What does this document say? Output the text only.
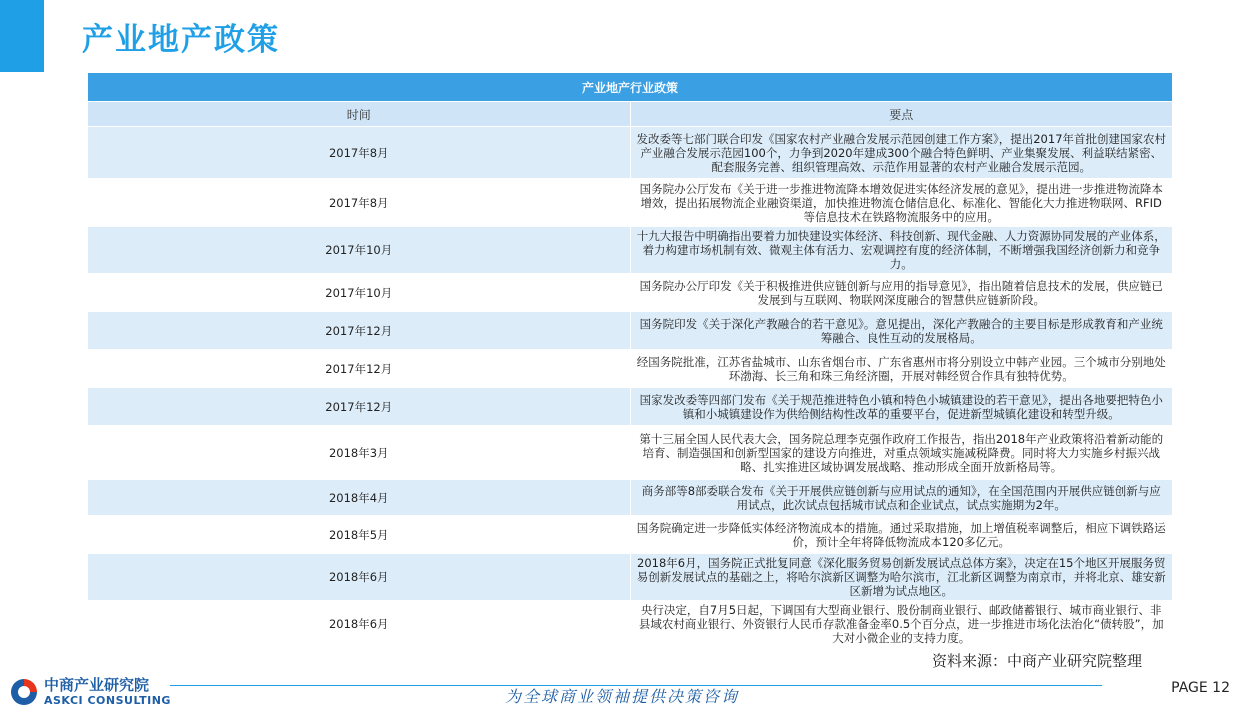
产业地产政策
产业地产行业政策	
时间	要点
2017年8月	发改委等七部门联合印发《国家农村产业融合发展示范园创建工作方案》，提出2017年首批创建国家农村产业融合发展示范园100个，力争到2020年建成300个融合特色鲜明、产业集聚发展、利益联结紧密、配套服务完善、组织管理高效、示范作用显著的农村产业融合发展示范园。
2017年8月	国务院办公厅发布《关于进一步推进物流降本增效促进实体经济发展的意见》，提出进一步推进物流降本增效，提出拓展物流企业融资渠道，加快推进物流仓储信息化、标准化、智能化大力推进物联网、RFID等信息技术在铁路物流服务中的应用。
2017年10月	十九大报告中明确指出要着力加快建设实体经济、科技创新、现代金融、人力资源协同发展的产业体系，着力构建市场机制有效、微观主体有活力、宏观调控有度的经济体制，不断增强我国经济创新力和竞争力。
2017年10月	国务院办公厅印发《关于积极推进供应链创新与应用的指导意见》，指出随着信息技术的发展，供应链已发展到与互联网、物联网深度融合的智慧供应链新阶段。
2017年12月	国务院印发《关于深化产教融合的若干意见》。意见提出，深化产教融合的主要目标是形成教育和产业统筹融合、良性互动的发展格局。
2017年12月	经国务院批准，江苏省盐城市、山东省烟台市、广东省惠州市将分别设立中韩产业园。三个城市分别地处环渤海、长三角和珠三角经济圈，开展对韩经贸合作具有独特优势。
2017年12月	国家发改委等四部门发布《关于规范推进特色小镇和特色小城镇建设的若干意见》，提出各地要把特色小镇和小城镇建设作为供给侧结构性改革的重要平台，促进新型城镇化建设和转型升级。
2018年3月	第十三届全国人民代表大会，国务院总理李克强作政府工作报告，指出2018年产业政策将沿着新动能的培育、制造强国和创新型国家的建设方向推进，对重点领域实施减税降费。同时将大力实施乡村振兴战略、扎实推进区域协调发展战略、推动形成全面开放新格局等。
2018年4月	商务部等8部委联合发布《关于开展供应链创新与应用试点的通知》，在全国范围内开展供应链创新与应用试点，此次试点包括城市试点和企业试点，试点实施期为2年。
2018年5月	国务院确定进一步降低实体经济物流成本的措施。通过采取措施，加上增值税率调整后，相应下调铁路运价，预计全年将降低物流成本120多亿元。
2018年6月	2018年6月，国务院正式批复同意《深化服务贸易创新发展试点总体方案》，决定在15个地区开展服务贸易创新发展试点的基础之上，将哈尔滨新区调整为哈尔滨市，江北新区调整为南京市，并将北京、雄安新区新增为试点地区。
2018年6月	央行决定，自7月5日起，下调国有大型商业银行、股份制商业银行、邮政储蓄银行、城市商业银行、非县域农村商业银行、外资银行人民币存款准备金率0.5个百分点，进一步推进市场化法治化“债转股”，加大对小微企业的支持力度。
资料来源：中商产业研究院整理
中商产业研究院
ASKCI CONSULTING	为全球商业领袖提供决策咨询	PAGE 12
